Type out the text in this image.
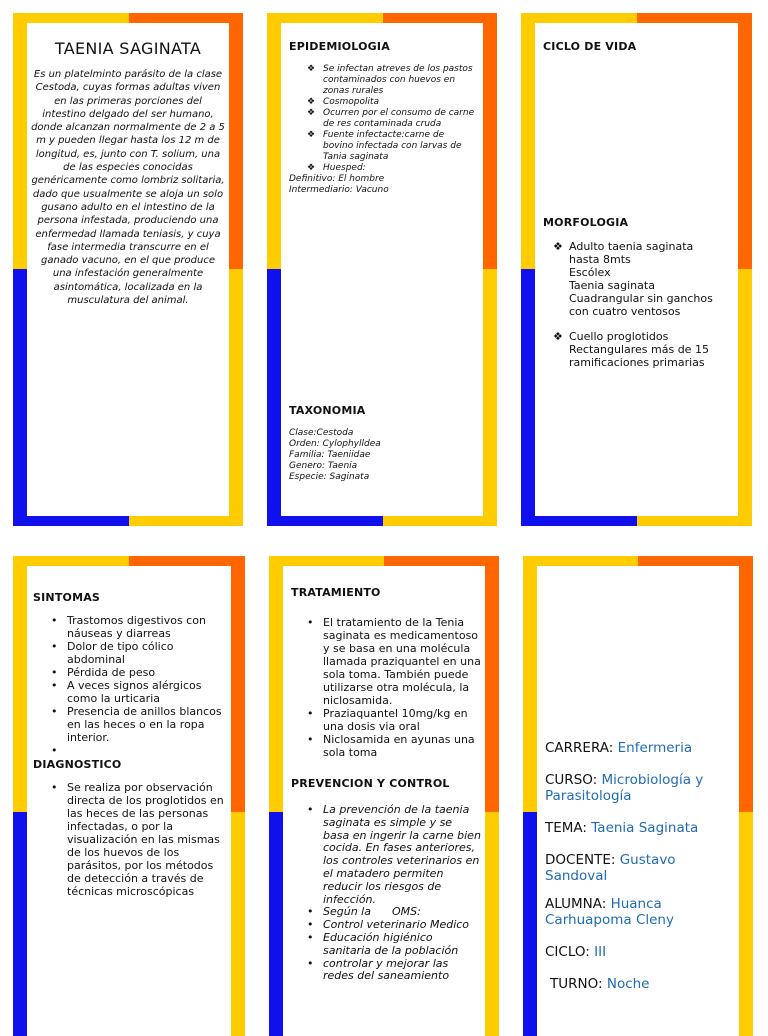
TAENIA SAGINATA

Es un platelminto parásito de la clase Cestoda, cuyas formas adultas viven en las primeras porciones del intestino delgado del ser humano, donde alcanzan normalmente de 2 a 5 m y pueden llegar hasta los 12 m de longitud, es, junto con T. solium, una de las especies conocidas genéricamente como lombriz solitaria, dado que usualmente se aloja un solo gusano adulto en el intestino de la persona infestada, produciendo una enfermedad llamada teniasis, y cuya fase intermedia transcurre en el ganado vacuno, en el que produce una infestación generalmente asintomática, localizada en la musculatura del animal.

EPIDEMIOLOGIA
❖ Se infectan atreves de los pastos contaminados con huevos en zonas rurales
❖ Cosmopolita
❖ Ocurren por el consumo de carne de res contaminada cruda
❖ Fuente infectacte:carne de bovino infectada con larvas de Tania saginata
❖ Huesped:
Definitivo: El hombre
Intermediario: Vacuno
TAXONOMIA
Clase:Cestoda
Orden: Cylophylldea
Familia: Taeniidae
Genero: Taenia
Especie: Saginata
CICLO DE VIDA
MORFOLOGIA
❖ Adulto taenia saginata hasta 8mts
Escólex
Taenia saginata
Cuadrangular sin ganchos con cuatro ventosos
❖ Cuello proglotidos
Rectangulares más de 15 ramificaciones primarias
SINTOMAS
• Trastomos digestivos con náuseas y diarreas
• Dolor de tipo cólico abdominal
• Pérdida de peso
• A veces signos alérgicos como la urticaria
• Presencia de anillos blancos en las heces o en la ropa interior.
•
DIAGNOSTICO
• Se realiza por observación directa de los proglotidos en las heces de las personas infectadas, o por la visualización en las mismas de los huevos de los parásitos, por los métodos de detección a través de técnicas microscópicas
TRATAMIENTO
• El tratamiento de la Tenia saginata es medicamentoso y se basa en una molécula llamada praziquantel en una sola toma. También puede utilizarse otra molécula, la niclosamida.
• Praziaquantel 10mg/kg en una dosis via oral
• Niclosamida en ayunas una sola toma
PREVENCION Y CONTROL
• La prevención de la taenia saginata es simple y se basa en ingerir la carne bien cocida. En fases anteriores, los controles veterinarios en el matadero permiten reducir los riesgos de infección.
• Según la      OMS:
• Control veterinario Medico
• Educación higiénico sanitaria de la población
• controlar y mejorar las redes del saneamiento

CARRERA: Enfermeria

CURSO: Microbiología y Parasitología

TEMA: Taenia Saginata

DOCENTE: Gustavo Sandoval

ALUMNA: Huanca Carhuapoma Cleny

CICLO: III

TURNO: Noche
